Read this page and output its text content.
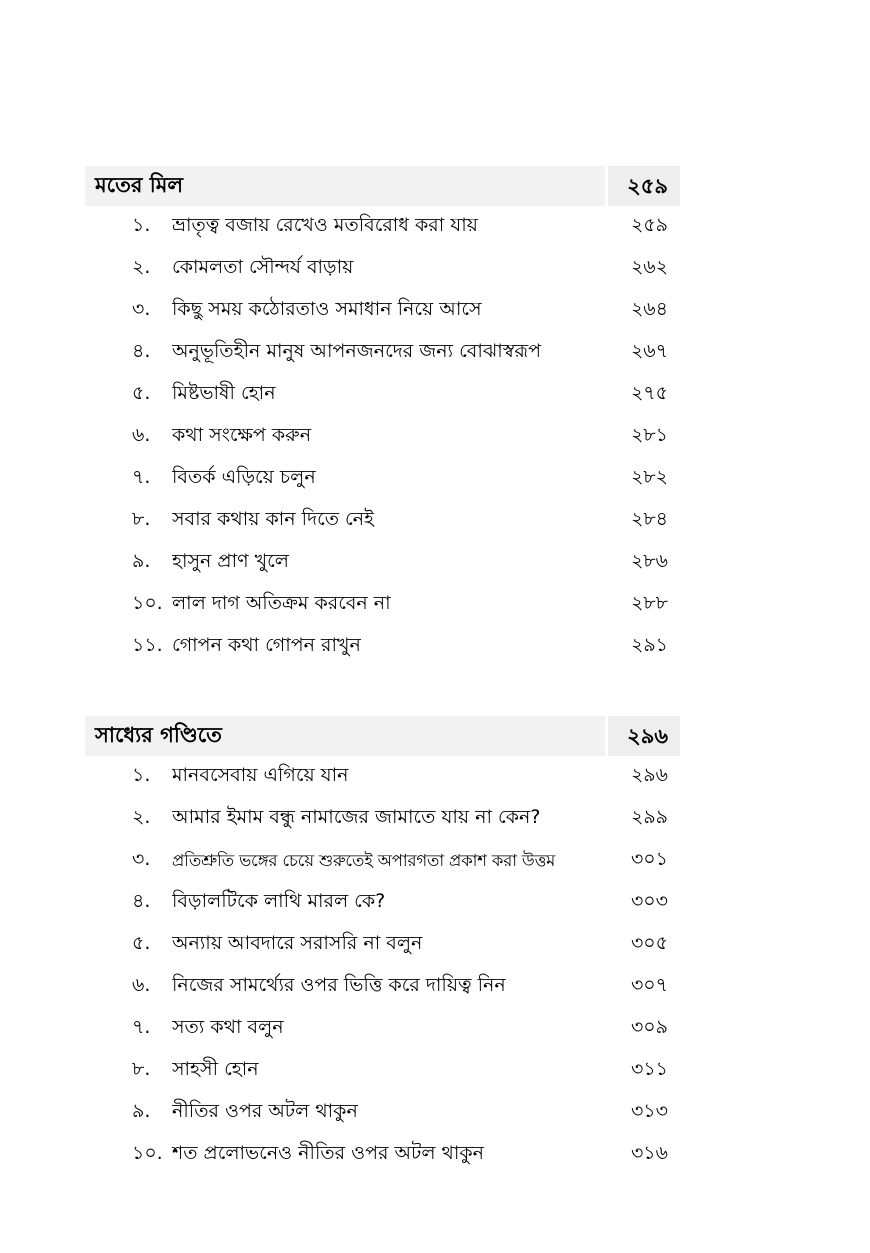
মতের মিল	২৫৯
১.	ভ্রাতৃত্ব বজায় রেখেও মতবিরোধ করা যায়	২৫৯
২.	কোমলতা সৌন্দর্য বাড়ায়	২৬২
৩.	কিছু সময় কঠোরতাও সমাধান নিয়ে আসে	২৬৪
৪.	অনুভূতিহীন মানুষ আপনজনদের জন্য বোঝাস্বরূপ	২৬৭
৫.	মিষ্টভাষী হোন	২৭৫
৬.	কথা সংক্ষেপ করুন	২৮১
৭.	বিতর্ক এড়িয়ে চলুন	২৮২
৮.	সবার কথায় কান দিতে নেই	২৮৪
৯.	হাসুন প্রাণ খুলে	২৮৬
১০. লাল দাগ অতিক্রম করবেন না	২৮৮
১১. গোপন কথা গোপন রাখুন	২৯১
সাধ্যের গণ্ডিতে	২৯৬
১.	মানবসেবায় এগিয়ে যান	২৯৬
২.	আমার ইমাম বন্ধু নামাজের জামাতে যায় না কেন?	২৯৯
৩.	প্রতিশ্রুতি ভঙ্গের চেয়ে শুরুতেই অপারগতা প্রকাশ করা উত্তম	৩০১
৪.	বিড়ালটিকে লাথি মারল কে?	৩০৩
৫.	অন্যায় আবদারে সরাসরি না বলুন	৩০৫
৬.	নিজের সামর্থ্যের ওপর ভিত্তি করে দায়িত্ব নিন	৩০৭
৭.	সত্য কথা বলুন	৩০৯
৮.	সাহসী হোন	৩১১
৯.	নীতির ওপর অটল থাকুন	৩১৩
১০. শত প্রলোভনেও নীতির ওপর অটল থাকুন	৩১৬
